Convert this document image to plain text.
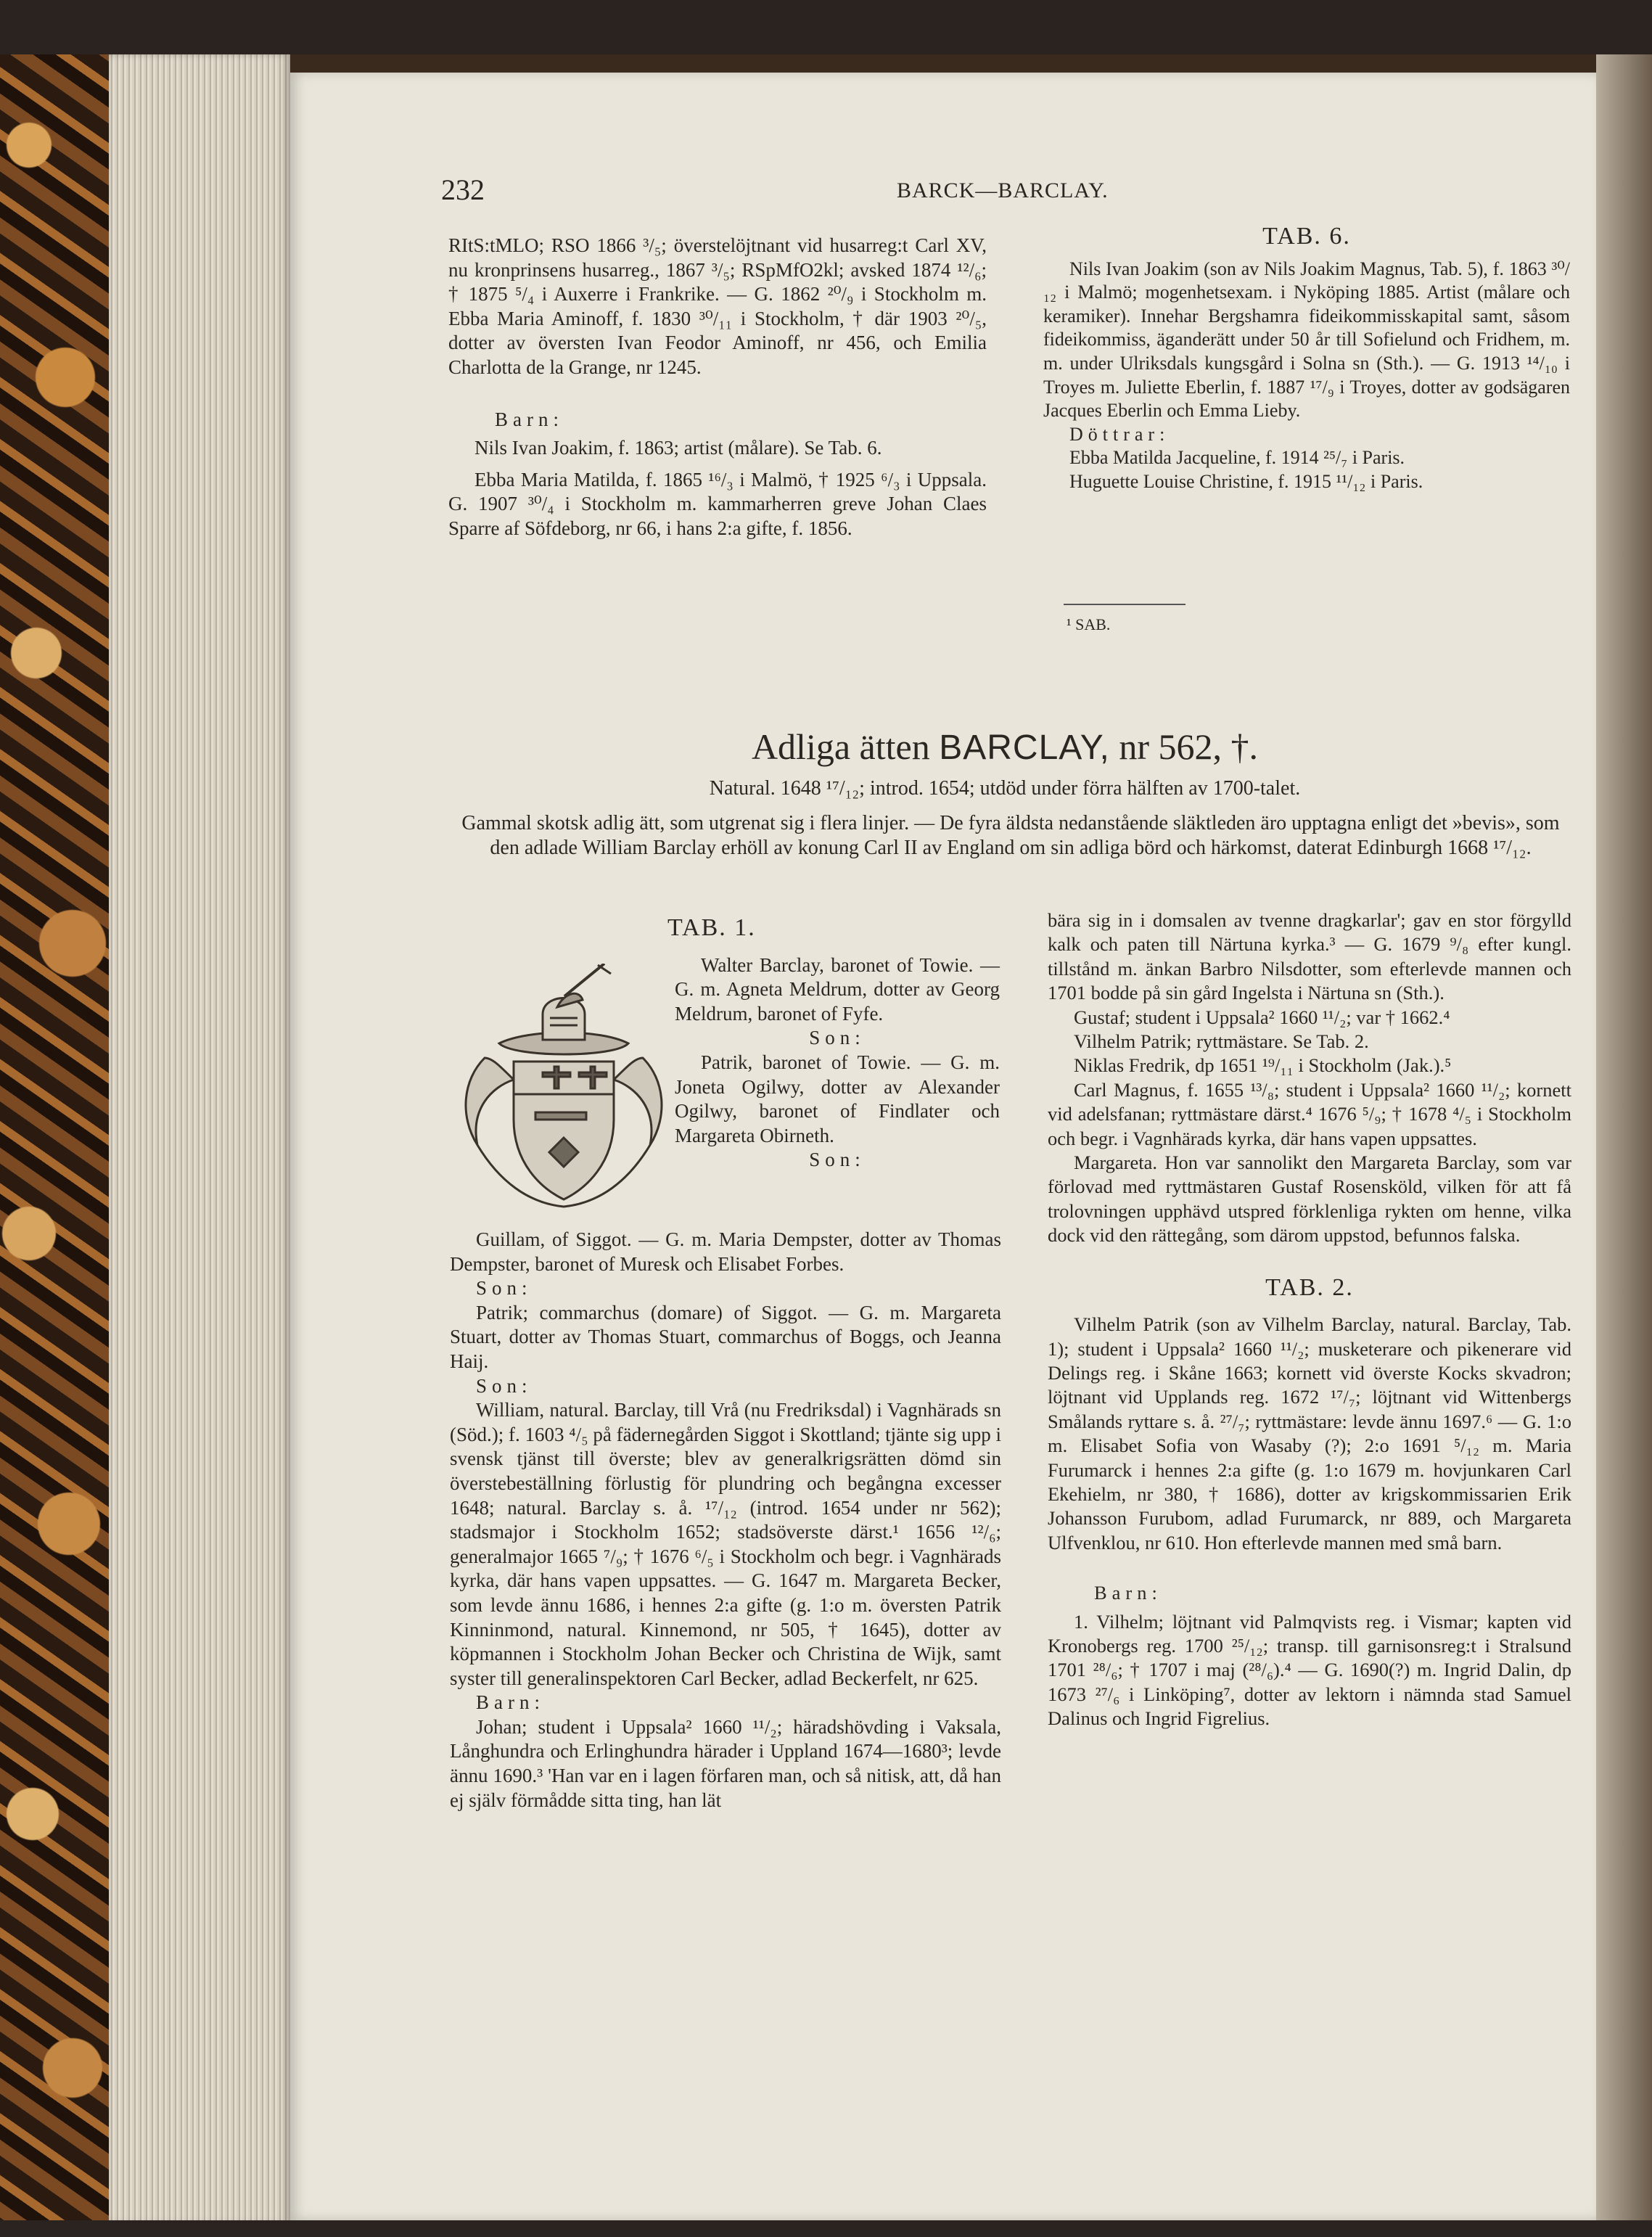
232	BARCK—BARCLAY.

RItS:tMLO; RSO 1866 ³/₅; överstelöjtnant vid husarreg:t Carl XV, nu kronprinsens husarreg., 1867 ³/₅; RSpMfO2kl; avsked 1874 ¹²/₆; † 1875 ⁵/₄ i Auxerre i Frankrike. — G. 1862 ²⁰/₉ i Stockholm m. Ebba Maria Aminoff, f. 1830 ³⁰/₁₁ i Stockholm, † där 1903 ²⁰/₅, dotter av översten Ivan Feodor Aminoff, nr 456, och Emilia Charlotta de la Grange, nr 1245.

Barn:

Nils Ivan Joakim, f. 1863; artist (målare). Se Tab. 6.

Ebba Maria Matilda, f. 1865 ¹⁶/₃ i Malmö, † 1925 ⁶/₃ i Uppsala. G. 1907 ³⁰/₄ i Stockholm m. kammarherren greve Johan Claes Sparre af Söfdeborg, nr 66, i hans 2:a gifte, f. 1856.

TAB. 6.

Nils Ivan Joakim (son av Nils Joakim Magnus, Tab. 5), f. 1863 ³⁰/₁₂ i Malmö; mogenhetsexam. i Nyköping 1885. Artist (målare och keramiker). Innehar Bergshamra fideikommisskapital samt, såsom fideikommiss, äganderätt under 50 år till Sofielund och Fridhem, m. m. under Ulriksdals kungsgård i Solna sn (Sth.). — G. 1913 ¹⁴/₁₀ i Troyes m. Juliette Eberlin, f. 1887 ¹⁷/₉ i Troyes, dotter av godsägaren Jacques Eberlin och Emma Lieby.

Döttrar:

Ebba Matilda Jacqueline, f. 1914 ²⁵/₇ i Paris.

Huguette Louise Christine, f. 1915 ¹¹/₁₂ i Paris.

¹ SAB.
Adliga ätten BARCLAY, nr 562, †.
Natural. 1648 ¹⁷/₁₂; introd. 1654; utdöd under förra hälften av 1700-talet.
Gammal skotsk adlig ätt, som utgrenat sig i flera linjer. — De fyra äldsta nedanstående släktleden äro upptagna enligt det »bevis», som den adlade William Barclay erhöll av konung Carl II av England om sin adliga börd och härkomst, daterat Edinburgh 1668 ¹⁷/₁₂.

TAB. 1.

Walter Barclay, baronet of Towie. — G. m. Agneta Meldrum, dotter av Georg Meldrum, baronet of Fyfe.

Son:

Patrik, baronet of Towie. — G. m. Joneta Ogilwy, dotter av Alexander Ogilwy, baronet of Findlater och Margareta Obirneth.

Son:

Guillam, of Siggot. — G. m. Maria Dempster, dotter av Thomas Dempster, baronet of Muresk och Elisabet Forbes.

Son:

Patrik; commarchus (domare) of Siggot. — G. m. Margareta Stuart, dotter av Thomas Stuart, commarchus of Boggs, och Jeanna Haij.

Son:

William, natural. Barclay, till Vrå (nu Fredriksdal) i Vagnhärads sn (Söd.); f. 1603 ⁴/₅ på fädernegården Siggot i Skottland; tjänte sig upp i svensk tjänst till överste; blev av generalkrigsrätten dömd sin överstebeställning förlustig för plundring och begångna excesser 1648; natural. Barclay s. å. ¹⁷/₁₂ (introd. 1654 under nr 562); stadsmajor i Stockholm 1652; stadsöverste därst.¹ 1656 ¹²/₆; generalmajor 1665 ⁷/₉; † 1676 ⁶/₅ i Stockholm och begr. i Vagnhärads kyrka, där hans vapen uppsattes. — G. 1647 m. Margareta Becker, som levde ännu 1686, i hennes 2:a gifte (g. 1:o m. översten Patrik Kinninmond, natural. Kinnemond, nr 505, † 1645), dotter av köpmannen i Stockholm Johan Becker och Christina de Wijk, samt syster till generalinspektoren Carl Becker, adlad Beckerfelt, nr 625.

Barn:

Johan; student i Uppsala² 1660 ¹¹/₂; häradshövding i Vaksala, Långhundra och Erlinghundra härader i Uppland 1674—1680³; levde ännu 1690.³ 'Han var en i lagen förfaren man, och så nitisk, att, då han ej själv förmådde sitta ting, han lät

bära sig in i domsalen av tvenne dragkarlar'; gav en stor förgylld kalk och paten till Närtuna kyrka.³ — G. 1679 ⁹/₈ efter kungl. tillstånd m. änkan Barbro Nilsdotter, som efterlevde mannen och 1701 bodde på sin gård Ingelsta i Närtuna sn (Sth.).

Gustaf; student i Uppsala² 1660 ¹¹/₂; var † 1662.⁴

Vilhelm Patrik; ryttmästare. Se Tab. 2.

Niklas Fredrik, dp 1651 ¹⁹/₁₁ i Stockholm (Jak.).⁵

Carl Magnus, f. 1655 ¹³/₈; student i Uppsala² 1660 ¹¹/₂; kornett vid adelsfanan; ryttmästare därst.⁴ 1676 ⁵/₉; † 1678 ⁴/₅ i Stockholm och begr. i Vagnhärads kyrka, där hans vapen uppsattes.

Margareta. Hon var sannolikt den Margareta Barclay, som var förlovad med ryttmästaren Gustaf Rosensköld, vilken för att få trolovningen upphävd utspred förklenliga rykten om henne, vilka dock vid den rättegång, som därom uppstod, befunnos falska.

TAB. 2.

Vilhelm Patrik (son av Vilhelm Barclay, natural. Barclay, Tab. 1); student i Uppsala² 1660 ¹¹/₂; musketerare och pikenerare vid Delings reg. i Skåne 1663; kornett vid överste Kocks skvadron; löjtnant vid Upplands reg. 1672 ¹⁷/₇; löjtnant vid Wittenbergs Smålands ryttare s. å. ²⁷/₇; ryttmästare: levde ännu 1697.⁶ — G. 1:o m. Elisabet Sofia von Wasaby (?); 2:o 1691 ⁵/₁₂ m. Maria Furumarck i hennes 2:a gifte (g. 1:o 1679 m. hovjunkaren Carl Ekehielm, nr 380, † 1686), dotter av krigskommissarien Erik Johansson Furubom, adlad Furumarck, nr 889, och Margareta Ulfvenklou, nr 610. Hon efterlevde mannen med små barn.

Barn:

1. Vilhelm; löjtnant vid Palmqvists reg. i Vismar; kapten vid Kronobergs reg. 1700 ²⁵/₁₂; transp. till garnisonsreg:t i Stralsund 1701 ²⁸/₆; † 1707 i maj (²⁸/₆).⁴ — G. 1690(?) m. Ingrid Dalin, dp 1673 ²⁷/₆ i Linköping⁷, dotter av lektorn i nämnda stad Samuel Dalinus och Ingrid Figrelius.
